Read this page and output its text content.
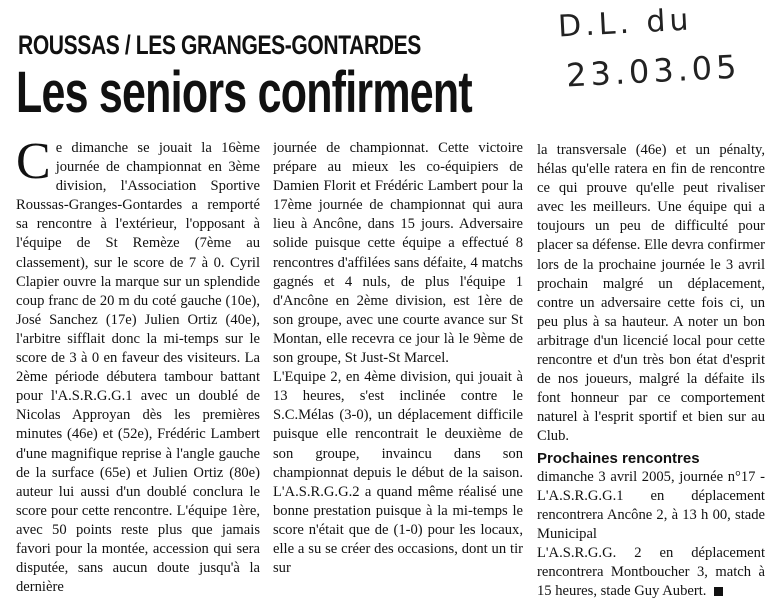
ROUSSAS / LES GRANGES-GONTARDES
Les seniors confirment
D.L. du
23.03.05
C e dimanche se jouait la 16ème journée de championnat en 3ème division, l'Association Sportive Roussas-Granges-Gontardes a remporté sa rencontre à l'extérieur, l'opposant à l'équipe de St Remèze (7ème au classement), sur le score de 7 à 0. Cyril Clapier ouvre la marque sur un splendide coup franc de 20 m du coté gauche (10e), José Sanchez (17e) Julien Ortiz (40e), l'arbitre sifflait donc la mi-temps sur le score de 3 à 0 en faveur des visiteurs. La 2ème période débutera tambour battant pour l'A.S.R.G.G.1 avec un doublé de Nicolas Approyan dès les premières minutes (46e) et (52e), Frédéric Lambert d'une magnifique reprise à l'angle gauche de la surface (65e) et Julien Ortiz (80e) auteur lui aussi d'un doublé conclura le score pour cette rencontre. L'équipe 1ère, avec 50 points reste plus que jamais favori pour la montée, accession qui sera disputée, sans aucun doute jusqu'à la dernière

journée de championnat. Cette victoire prépare au mieux les co-équipiers de Damien Florit et Frédéric Lambert pour la 17ème journée de championnat qui aura lieu à Ancône, dans 15 jours. Adversaire solide puisque cette équipe a effectué 8 rencontres d'affilées sans défaite, 4 matchs gagnés et 4 nuls, de plus l'équipe 1 d'Ancône en 2ème division, est 1ère de son groupe, avec une courte avance sur St Montan, elle recevra ce jour là le 9ème de son groupe, St Just-St Marcel.

L'Equipe 2, en 4ème division, qui jouait à 13 heures, s'est inclinée contre le S.C.Mélas (3-0), un déplacement difficile puisque elle rencontrait le deuxième de son groupe, invaincu dans son championnat depuis le début de la saison. L'A.S.R.G.G.2 a quand même réalisé une bonne prestation puisque à la mi-temps le score n'était que de (1-0) pour les locaux, elle a su se créer des occasions, dont un tir sur

la transversale (46e) et un pénalty, hélas qu'elle ratera en fin de rencontre ce qui prouve qu'elle peut rivaliser avec les meilleurs. Une équipe qui a toujours un peu de difficulté pour placer sa défense. Elle devra confirmer lors de la prochaine journée le 3 avril prochain malgré un déplacement, contre un adversaire cette fois ci, un peu plus à sa hauteur. A noter un bon arbitrage d'un licencié local pour cette rencontre et d'un très bon état d'esprit de nos joueurs, malgré la défaite ils font honneur par ce comportement naturel à l'esprit sportif et bien sur au Club.

Prochaines rencontres

dimanche 3 avril 2005, journée n°17 - L'A.S.R.G.G.1 en déplacement rencontrera Ancône 2, à 13 h 00, stade Municipal

L'A.S.R.G.G. 2 en déplacement rencontrera Montboucher 3, match à 15 heures, stade Guy Aubert.
